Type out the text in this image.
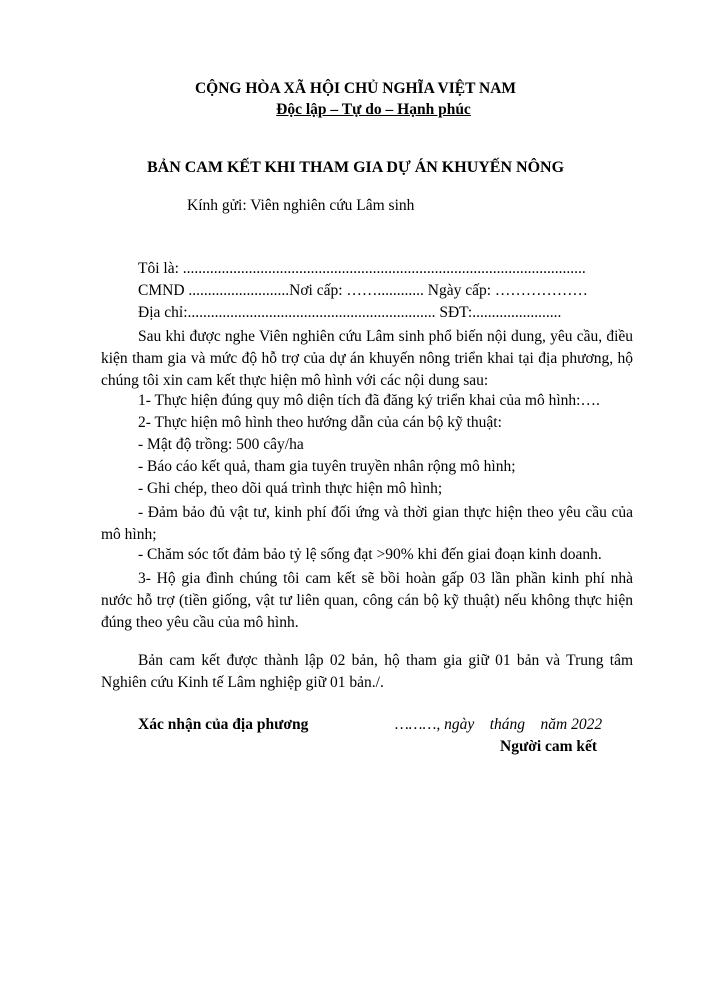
CỘNG HÒA XÃ HỘI CHỦ NGHĨA VIỆT NAM
Độc lập – Tự do – Hạnh phúc
BẢN CAM KẾT KHI THAM GIA DỰ ÁN KHUYẾN NÔNG
Kính gửi: Viên nghiên cứu Lâm sinh
Tôi là: ........................................................................................................
CMND ..........................Nơi cấp: ……............ Ngày cấp: ………………
Địa chỉ:................................................................ SĐT:.......................
Sau khi được nghe Viên nghiên cứu Lâm sinh phổ biến nội dung, yêu cầu, điều kiện tham gia và mức độ hỗ trợ của dự án khuyến nông triển khai tại địa phương, hộ chúng tôi xin cam kết thực hiện mô hình với các nội dung sau:
1- Thực hiện đúng quy mô diện tích đã đăng ký triển khai của mô hình:….
2- Thực hiện mô hình theo hướng dẫn của cán bộ kỹ thuật:
- Mật độ trồng: 500 cây/ha
- Báo cáo kết quả, tham gia tuyên truyền nhân rộng mô hình;
- Ghi chép, theo dõi quá trình thực hiện mô hình;
- Đảm bảo đủ vật tư, kinh phí đối ứng và thời gian thực hiện theo yêu cầu của mô hình;
- Chăm sóc tốt đảm bảo tỷ lệ sống đạt >90% khi đến giai đoạn kinh doanh.
3- Hộ gia đình chúng tôi cam kết sẽ bồi hoàn gấp 03 lần phần kinh phí nhà nước hỗ trợ (tiền giống, vật tư liên quan, công cán bộ kỹ thuật) nếu không thực hiện đúng theo yêu cầu của mô hình.
Bản cam kết được thành lập 02 bản, hộ tham gia giữ 01 bản và Trung tâm Nghiên cứu Kinh tế Lâm nghiệp giữ 01 bản./.
Xác nhận của địa phương	………, ngày    tháng    năm 2022
Người cam kết
